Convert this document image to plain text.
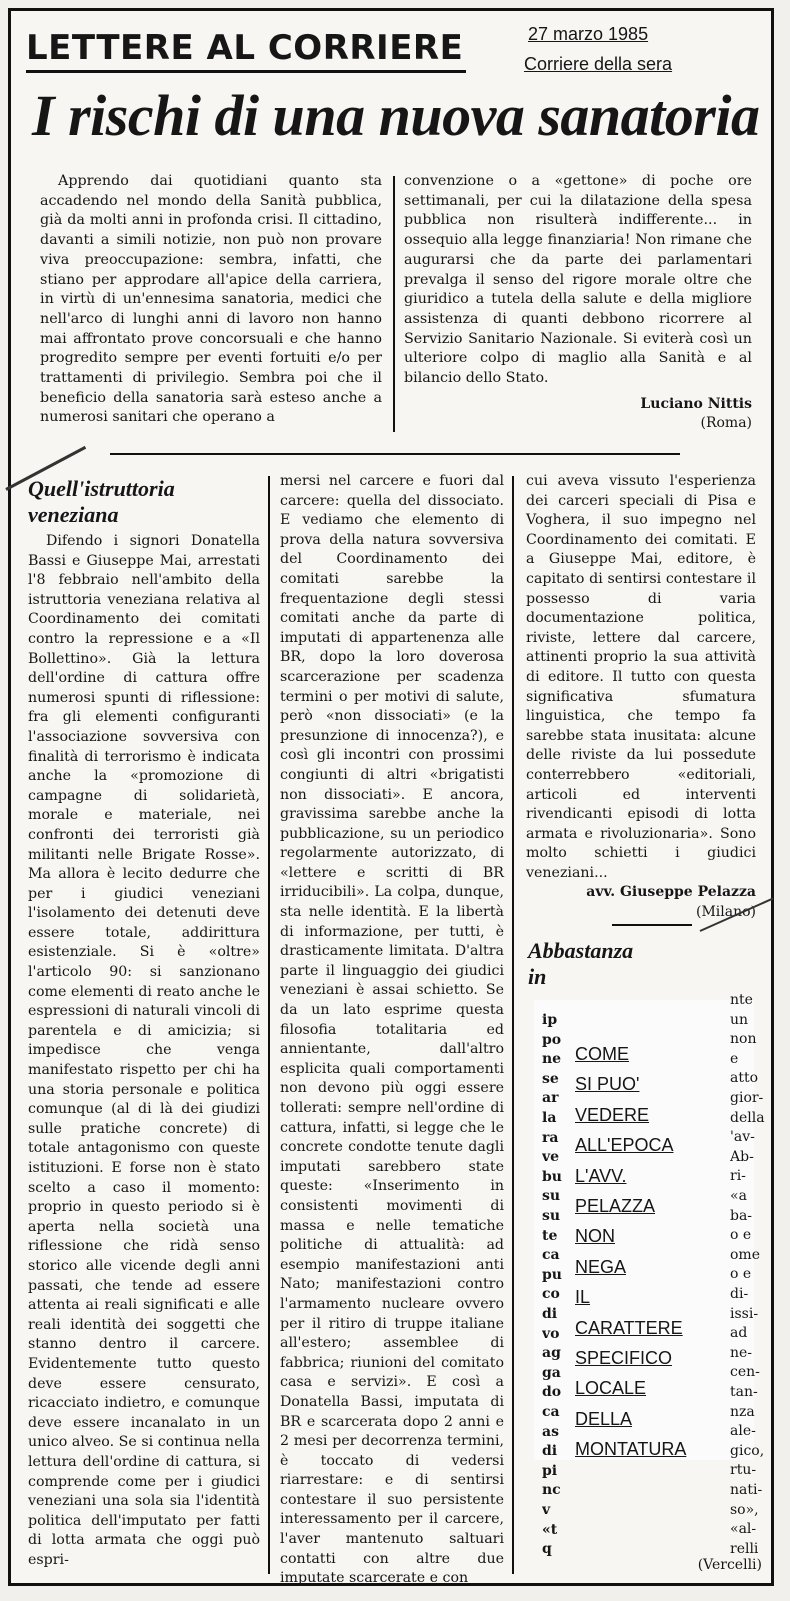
LETTERE AL CORRIERE	27 marzo 1985
Corriere della sera
I rischi di una nuova sanatoria

Apprendo dai quotidiani quanto sta accadendo nel mondo della Sanità pubblica, già da molti anni in profonda crisi. Il cittadino, davanti a simili notizie, non può non provare viva preoccupazione: sembra, infatti, che stiano per approdare all'apice della carriera, in virtù di un'ennesima sanatoria, medici che nell'arco di lunghi anni di lavoro non hanno mai affrontato prove concorsuali e che hanno progredito sempre per eventi fortuiti e/o per trattamenti di privilegio. Sembra poi che il beneficio della sanatoria sarà esteso anche a numerosi sanitari che operano a

convenzione o a «gettone» di poche ore settimanali, per cui la dilatazione della spesa pubblica non risulterà indifferente... in ossequio alla legge finanziaria! Non rimane che augurarsi che da parte dei parlamentari prevalga il senso del rigore morale oltre che giuridico a tutela della salute e della migliore assistenza di quanti debbono ricorrere al Servizio Sanitario Nazionale. Si eviterà così un ulteriore colpo di maglio alla Sanità e al bilancio dello Stato.

Luciano Nittis
(Roma)
Quell'istruttoria veneziana

Difendo i signori Donatella Bassi e Giuseppe Mai, arrestati l'8 febbraio nell'ambito della istruttoria veneziana relativa al Coordinamento dei comitati contro la repressione e a «Il Bollettino». Già la lettura dell'ordine di cattura offre numerosi spunti di riflessione: fra gli elementi configuranti l'associazione sovversiva con finalità di terrorismo è indicata anche la «promozione di campagne di solidarietà, morale e materiale, nei confronti dei terroristi già militanti nelle Brigate Rosse». Ma allora è lecito dedurre che per i giudici veneziani l'isolamento dei detenuti deve essere totale, addirittura esistenziale. Si è «oltre» l'articolo 90: si sanzionano come elementi di reato anche le espressioni di naturali vincoli di parentela e di amicizia; si impedisce che venga manifestato rispetto per chi ha una storia personale e politica comunque (al di là dei giudizi sulle pratiche concrete) di totale antagonismo con queste istituzioni. E forse non è stato scelto a caso il momento: proprio in questo periodo si è aperta nella società una riflessione che ridà senso storico alle vicende degli anni passati, che tende ad essere attenta ai reali significati e alle reali identità dei soggetti che stanno dentro il carcere. Evidentemente tutto questo deve essere censurato, ricacciato indietro, e comunque deve essere incanalato in un unico alveo. Se si continua nella lettura dell'ordine di cattura, si comprende come per i giudici veneziani una sola sia l'identità politica dell'imputato per fatti di lotta armata che oggi può espri-

mersi nel carcere e fuori dal carcere: quella del dissociato. E vediamo che elemento di prova della natura sovversiva del Coordinamento dei comitati sarebbe la frequentazione degli stessi comitati anche da parte di imputati di appartenenza alle BR, dopo la loro doverosa scarcerazione per scadenza termini o per motivi di salute, però «non dissociati» (e la presunzione di innocenza?), e così gli incontri con prossimi congiunti di altri «brigatisti non dissociati». E ancora, gravissima sarebbe anche la pubblicazione, su un periodico regolarmente autorizzato, di «lettere e scritti di BR irriducibili». La colpa, dunque, sta nelle identità. E la libertà di informazione, per tutti, è drasticamente limitata. D'altra parte il linguaggio dei giudici veneziani è assai schietto. Se da un lato esprime questa filosofia totalitaria ed annientante, dall'altro esplicita quali comportamenti non devono più oggi essere tollerati: sempre nell'ordine di cattura, infatti, si legge che le concrete condotte tenute dagli imputati sarebbero state queste: «Inserimento in consistenti movimenti di massa e nelle tematiche politiche di attualità: ad esempio manifestazioni anti Nato; manifestazioni contro l'armamento nucleare ovvero per il ritiro di truppe italiane all'estero; assemblee di fabbrica; riunioni del comitato casa e servizi». E così a Donatella Bassi, imputata di BR e scarcerata dopo 2 anni e 2 mesi per decorrenza termini, è toccato di vedersi riarrestare: e di sentirsi contestare il suo persistente interessamento per il carcere, l'aver mantenuto saltuari contatti con altre due imputate scarcerate e con

cui aveva vissuto l'esperienza dei carceri speciali di Pisa e Voghera, il suo impegno nel Coordinamento dei comitati. E a Giuseppe Mai, editore, è capitato di sentirsi contestare il possesso di varia documentazione politica, riviste, lettere dal carcere, attinenti proprio la sua attività di editore. Il tutto con questa significativa sfumatura linguistica, che tempo fa sarebbe stata inusitata: alcune delle riviste da lui possedute conterrebbero «editoriali, articoli ed interventi rivendicanti episodi di lotta armata e rivoluzionaria». Sono molto schietti i giudici veneziani...

avv. Giuseppe Pelazza
(Milano)
Abbastanza
in
ip
po
ne
se
ar
la
ra
ve
bu
su
su
te
ca
pu
co
di
vo
ag
ga
do
ca
as
di
pi
nc
v
«t
q
nte
un
non
e
atto
gior-
della
'av-
Ab-
ri-
«a
ba-
o e
ome
o e
di-
issi-
ad
ne-
cen-
tan-
nza
ale-
gico,
rtu-
nati-
so»,
«al-
relli
(Vercelli)
COME
SI PUO'
VEDERE
ALL'EPOCA
L'AVV.
PELAZZA
NON
NEGA
IL
CARATTERE
SPECIFICO
LOCALE
DELLA
MONTATURA
